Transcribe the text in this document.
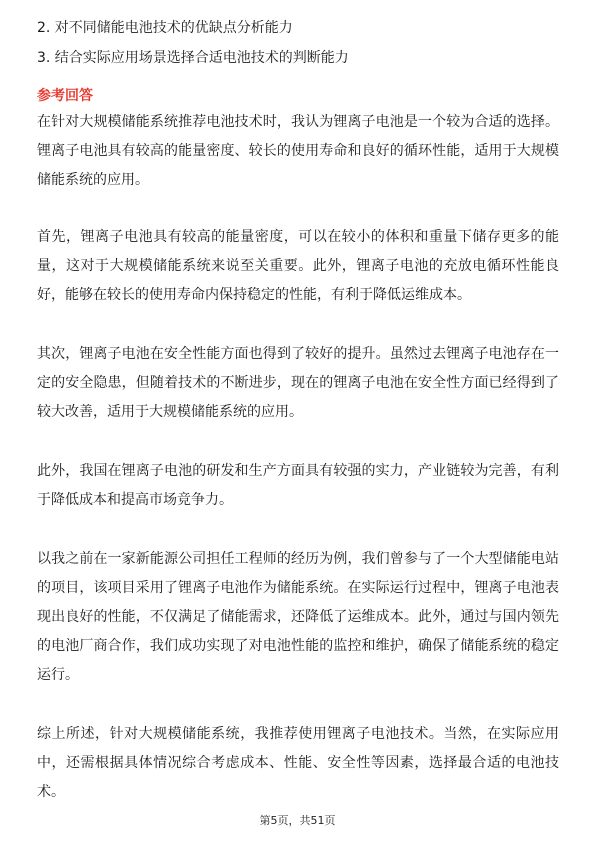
2. 对不同储能电池技术的优缺点分析能力
3. 结合实际应用场景选择合适电池技术的判断能力
参考回答

在针对大规模储能系统推荐电池技术时，我认为锂离子电池是一个较为合适的选择。锂离子电池具有较高的能量密度、较长的使用寿命和良好的循环性能，适用于大规模储能系统的应用。

首先，锂离子电池具有较高的能量密度，可以在较小的体积和重量下储存更多的能量，这对于大规模储能系统来说至关重要。此外，锂离子电池的充放电循环性能良好，能够在较长的使用寿命内保持稳定的性能，有利于降低运维成本。

其次，锂离子电池在安全性能方面也得到了较好的提升。虽然过去锂离子电池存在一定的安全隐患，但随着技术的不断进步，现在的锂离子电池在安全性方面已经得到了较大改善，适用于大规模储能系统的应用。

此外，我国在锂离子电池的研发和生产方面具有较强的实力，产业链较为完善，有利于降低成本和提高市场竞争力。

以我之前在一家新能源公司担任工程师的经历为例，我们曾参与了一个大型储能电站的项目，该项目采用了锂离子电池作为储能系统。在实际运行过程中，锂离子电池表现出良好的性能，不仅满足了储能需求，还降低了运维成本。此外，通过与国内领先的电池厂商合作，我们成功实现了对电池性能的监控和维护，确保了储能系统的稳定运行。

综上所述，针对大规模储能系统，我推荐使用锂离子电池技术。当然，在实际应用中，还需根据具体情况综合考虑成本、性能、安全性等因素，选择最合适的电池技术。

第5页，共51页
